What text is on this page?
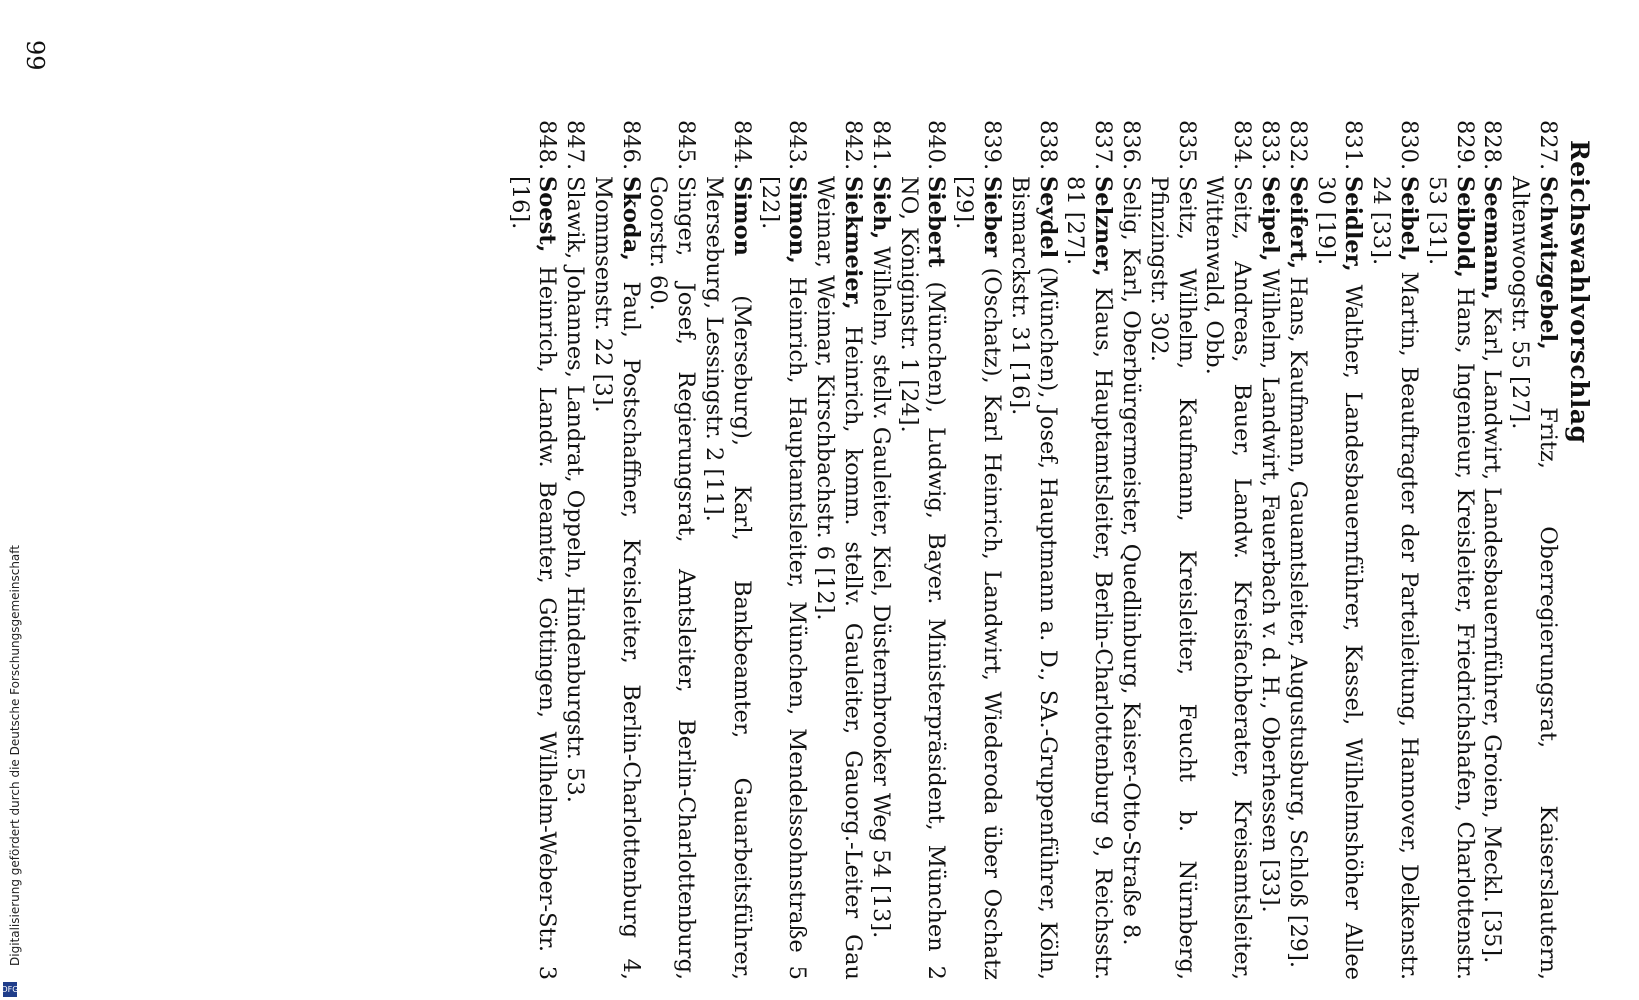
Reichswahlvorschlag
827.
Schwitzgebel, Fritz, Oberregierungsrat, Kaiserslautern, Altenwoogstr. 55 [27].
828.
Seemann, Karl, Landwirt, Landesbauernführer, Groien, Meckl. [35].
829.
Seibold, Hans, Ingenieur, Kreisleiter, Friedrichshafen, Charlottenstr. 53 [31].
830.
Seibel, Martin, Beauftragter der Parteileitung, Hannover, Delkenstr. 24 [33].
831.
Seidler, Walther, Landesbauernführer, Kassel, Wilhelmshöher Allee 30 [19].
832.
Seifert, Hans, Kaufmann, Gauamtsleiter, Augustusburg, Schloß [29].
833.
Seipel, Wilhelm, Landwirt, Fauerbach v. d. H., Oberhessen [33].
834.
Seitz, Andreas, Bauer, Landw. Kreisfachberater, Kreisamtsleiter, Wittenwald, Obb.
835.
Seitz, Wilhelm, Kaufmann, Kreisleiter, Feucht b. Nürnberg, Pfinzingstr. 302.
836.
Selig, Karl, Oberbürgermeister, Quedlinburg, Kaiser-Otto-Straße 8.
837.
Selzner, Klaus, Hauptamtsleiter, Berlin-Charlottenburg 9, Reichsstr. 81 [27].
838.
Seydel (München), Josef, Hauptmann a. D., SA.-Gruppenführer, Köln, Bismarckstr. 31 [16].
839.
Sieber (Oschatz), Karl Heinrich, Landwirt, Wiederoda über Oschatz [29].
840.
Siebert (München), Ludwig, Bayer. Ministerpräsident, München 2 NO, Königinstr. 1 [24].
841.
Sieh, Wilhelm, stellv. Gauleiter, Kiel, Düsternbrooker Weg 54 [13].
842.
Siekmeier, Heinrich, komm. stellv. Gauleiter, Gauorg.-Leiter Gau Weimar, Weimar, Kirschbachstr. 6 [12].
843.
Simon, Heinrich, Hauptamtsleiter, München, Mendelssohnstraße 5 [22].
844.
Simon (Merseburg), Karl, Bankbeamter, Gauarbeitsführer, Merseburg, Lessingstr. 2 [11].
845.
Singer, Josef, Regierungsrat, Amtsleiter, Berlin-Charlottenburg, Goorstr. 60.
846.
Skoda, Paul, Postschaffner, Kreisleiter, Berlin-Charlottenburg 4, Mommsenstr. 22 [3].
847.
Slawik, Johannes, Landrat, Oppeln, Hindenburgstr. 53.
848.
Soest, Heinrich, Landw. Beamter, Göttingen, Wilhelm-Weber-Str. 3 [16].
99
Digitalisierung gefördert durch die Deutsche Forschungsgemeinschaft
DFG
